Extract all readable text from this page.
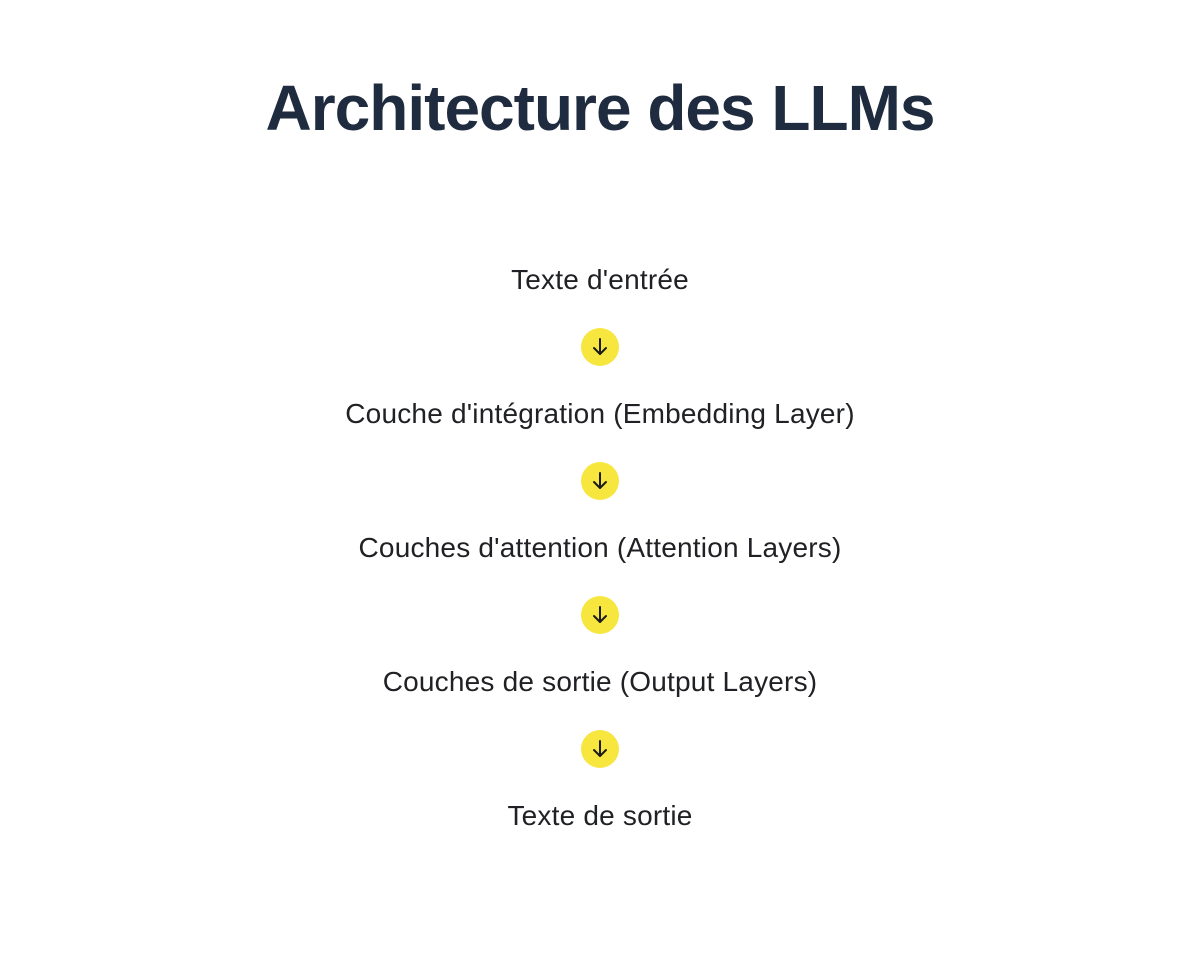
Architecture des LLMs
Texte d'entrée
Couche d'intégration (Embedding Layer)
Couches d'attention (Attention Layers)
Couches de sortie (Output Layers)
Texte de sortie
